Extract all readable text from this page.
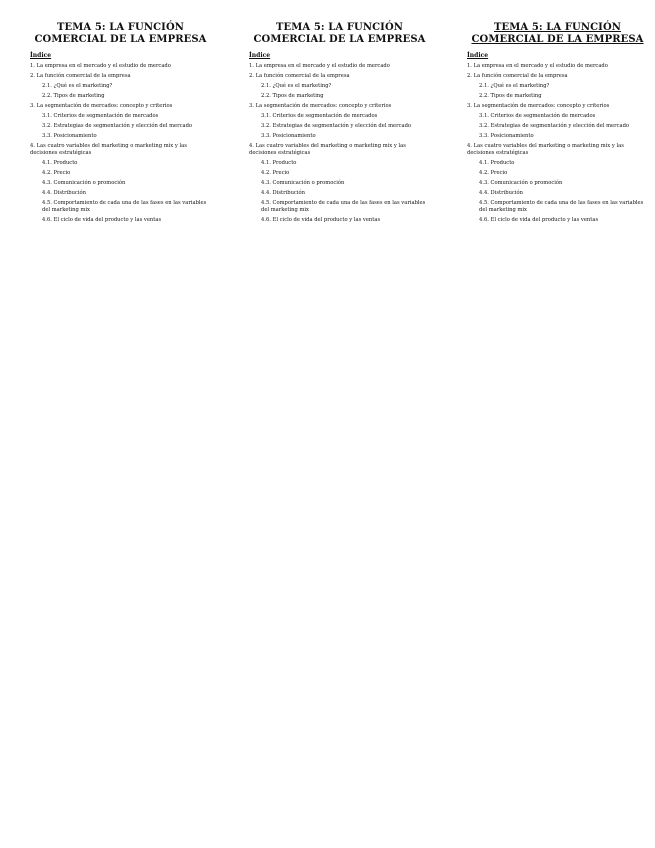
TEMA 5: LA FUNCIÓN
COMERCIAL DE LA EMPRESA
Índice
1. La empresa en el mercado y el estudio de mercado
2. La función comercial de la empresa
2.1. ¿Qué es el marketing?
2.2. Tipos de marketing
3. La segmentación de mercados: concepto y criterios
3.1. Criterios de segmentación de mercados
3.2. Estrategias de segmentación y elección del mercado
3.3. Posicionamiento
4. Las cuatro variables del marketing o marketing mix y las decisiones estratégicas
4.1. Producto
4.2. Precio
4.3. Comunicación o promoción
4.4. Distribución
4.5. Comportamiento de cada una de las fases en las variables del marketing mix
4.6. El ciclo de vida del producto y las ventas
TEMA 5: LA FUNCIÓN
COMERCIAL DE LA EMPRESA
Índice
1. La empresa en el mercado y el estudio de mercado
2. La función comercial de la empresa
2.1. ¿Qué es el marketing?
2.2. Tipos de marketing
3. La segmentación de mercados: concepto y criterios
3.1. Criterios de segmentación de mercados
3.2. Estrategias de segmentación y elección del mercado
3.3. Posicionamiento
4. Las cuatro variables del marketing o marketing mix y las decisiones estratégicas
4.1. Producto
4.2. Precio
4.3. Comunicación o promoción
4.4. Distribución
4.5. Comportamiento de cada una de las fases en las variables del marketing mix
4.6. El ciclo de vida del producto y las ventas
TEMA 5: LA FUNCIÓN
COMERCIAL DE LA EMPRESA
Índice
1. La empresa en el mercado y el estudio de mercado
2. La función comercial de la empresa
2.1. ¿Qué es el marketing?
2.2. Tipos de marketing
3. La segmentación de mercados: concepto y criterios
3.1. Criterios de segmentación de mercados
3.2. Estrategias de segmentación y elección del mercado
3.3. Posicionamiento
4. Las cuatro variables del marketing o marketing mix y las decisiones estratégicas
4.1. Producto
4.2. Precio
4.3. Comunicación o promoción
4.4. Distribución
4.5. Comportamiento de cada una de las fases en las variables del marketing mix
4.6. El ciclo de vida del producto y las ventas
